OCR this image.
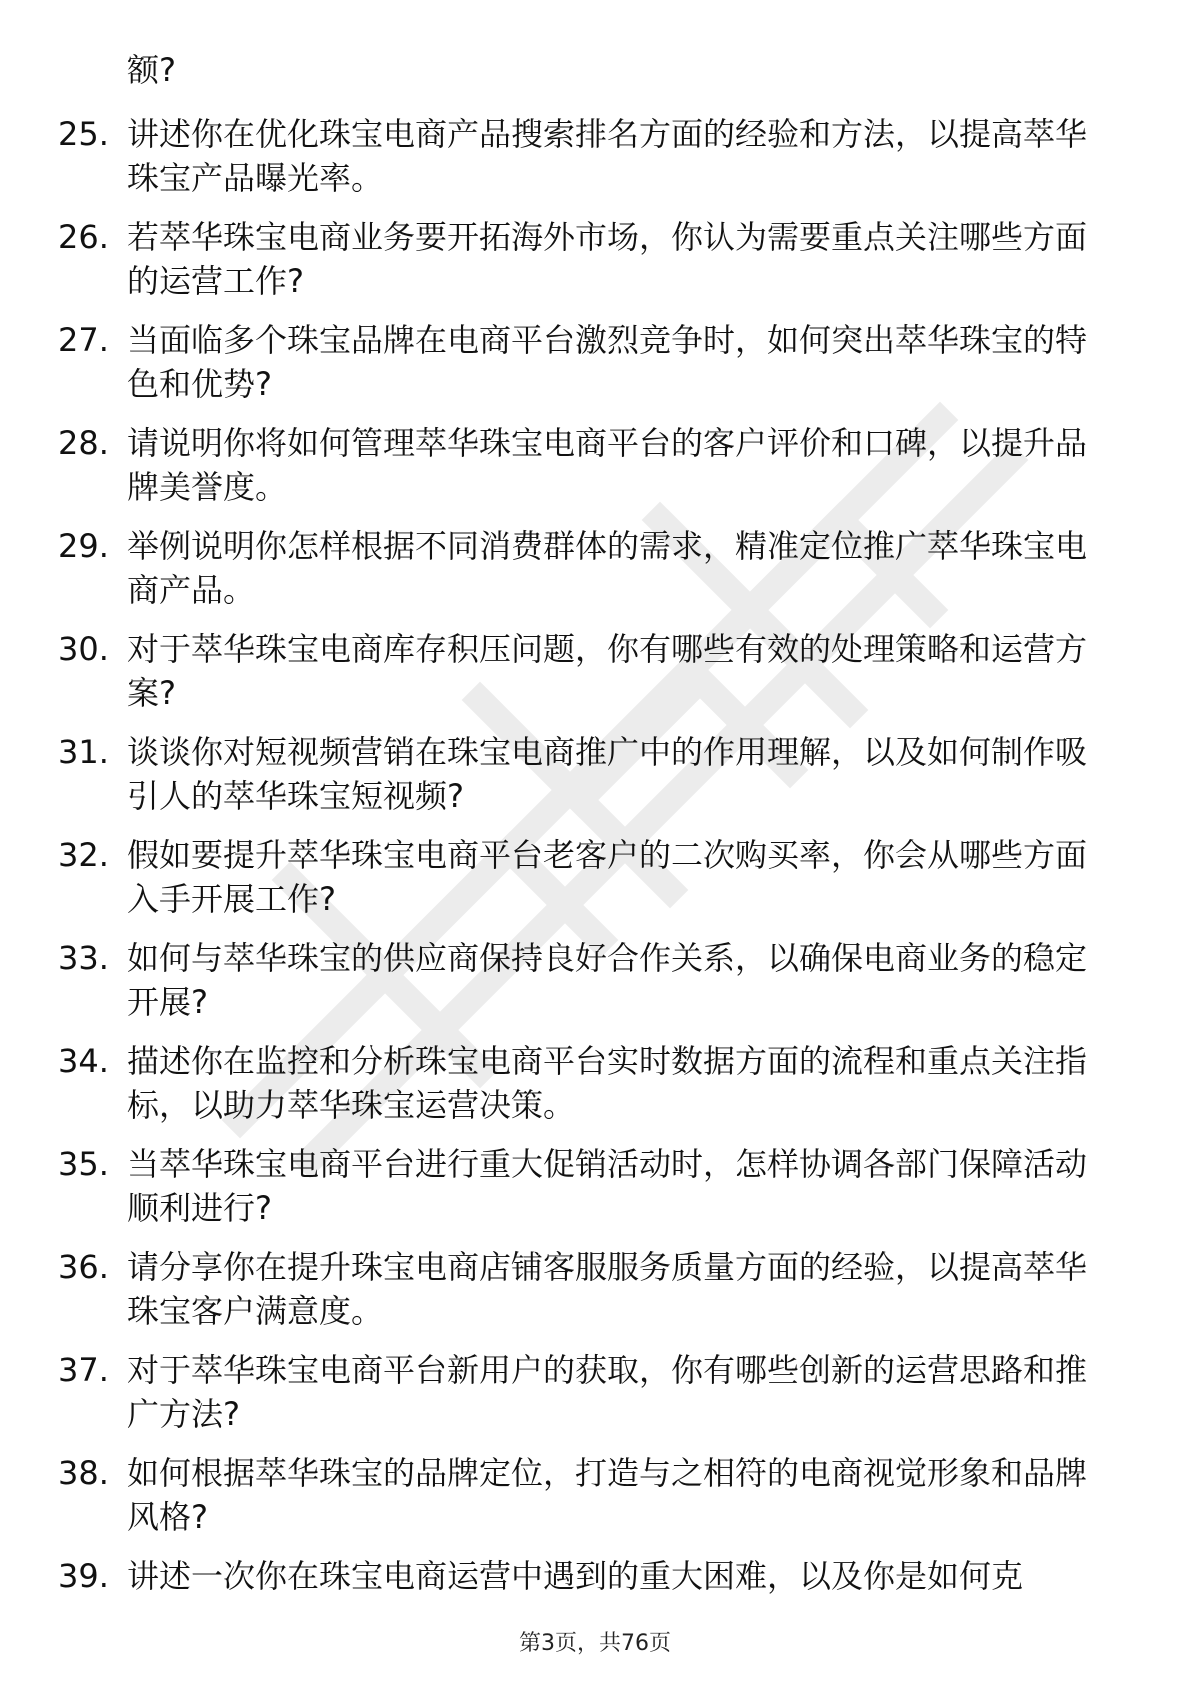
额?
25. 讲述你在优化珠宝电商产品搜索排名方面的经验和方法，以提高萃华珠宝产品曝光率。
26. 若萃华珠宝电商业务要开拓海外市场，你认为需要重点关注哪些方面的运营工作?
27. 当面临多个珠宝品牌在电商平台激烈竞争时，如何突出萃华珠宝的特色和优势?
28. 请说明你将如何管理萃华珠宝电商平台的客户评价和口碑，以提升品牌美誉度。
29. 举例说明你怎样根据不同消费群体的需求，精准定位推广萃华珠宝电商产品。
30. 对于萃华珠宝电商库存积压问题，你有哪些有效的处理策略和运营方案?
31. 谈谈你对短视频营销在珠宝电商推广中的作用理解，以及如何制作吸引人的萃华珠宝短视频?
32. 假如要提升萃华珠宝电商平台老客户的二次购买率，你会从哪些方面入手开展工作?
33. 如何与萃华珠宝的供应商保持良好合作关系，以确保电商业务的稳定开展?
34. 描述你在监控和分析珠宝电商平台实时数据方面的流程和重点关注指标，以助力萃华珠宝运营决策。
35. 当萃华珠宝电商平台进行重大促销活动时，怎样协调各部门保障活动顺利进行?
36. 请分享你在提升珠宝电商店铺客服服务质量方面的经验，以提高萃华珠宝客户满意度。
37. 对于萃华珠宝电商平台新用户的获取，你有哪些创新的运营思路和推广方法?
38. 如何根据萃华珠宝的品牌定位，打造与之相符的电商视觉形象和品牌风格?
39. 讲述一次你在珠宝电商运营中遇到的重大困难，以及你是如何克
第3页，共76页
